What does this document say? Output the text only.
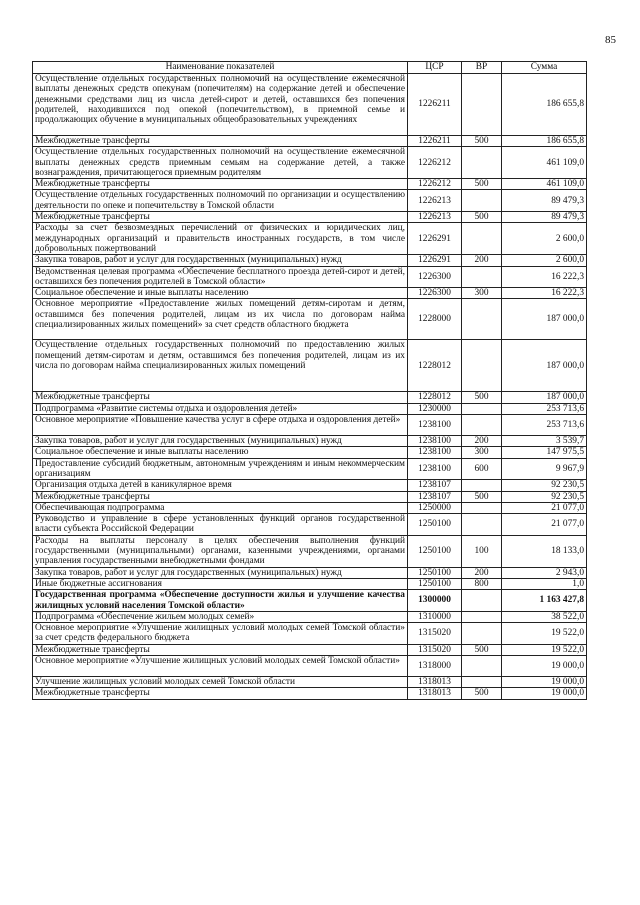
85
Наименование показателей	ЦСР	ВР	Сумма
Осуществление отдельных государственных полномочий на осуществление ежемесячной выплаты денежных средств опекунам (попечителям) на содержание детей и обеспечение денежными средствами лиц из числа детей-сирот и детей, оставшихся без попечения родителей, находившихся под опекой (попечительством), в приемной семье и продолжающих обучение в муниципальных общеобразовательных учреждениях	1226211		186 655,8
Межбюджетные трансферты	1226211	500	186 655,8
Осуществление отдельных государственных полномочий на осуществление ежемесячной выплаты денежных средств приемным семьям на содержание детей, а также вознаграждения, причитающегося приемным родителям	1226212		461 109,0
Межбюджетные трансферты	1226212	500	461 109,0
Осуществление отдельных государственных полномочий по организации и осуществлению деятельности по опеке и попечительству в Томской области	1226213		89 479,3
Межбюджетные трансферты	1226213	500	89 479,3
Расходы за счет безвозмездных перечислений от физических и юридических лиц, международных организаций и правительств иностранных государств, в том числе добровольных пожертвований	1226291		2 600,0
Закупка товаров, работ и услуг для государственных (муниципальных) нужд	1226291	200	2 600,0
Ведомственная целевая программа «Обеспечение бесплатного проезда детей-сирот и детей, оставшихся без попечения родителей в Томской области»	1226300		16 222,3
Социальное обеспечение и иные выплаты населению	1226300	300	16 222,3
Основное мероприятие «Предоставление жилых помещений детям-сиротам и детям, оставшимся без попечения родителей, лицам из их числа по договорам найма специализированных жилых помещений» за счет средств областного бюджета	1228000		187 000,0
Осуществление отдельных государственных полномочий по предоставлению жилых помещений детям-сиротам и детям, оставшимся без попечения родителей, лицам из их числа по договорам найма специализированных жилых помещений	1228012		187 000,0
Межбюджетные трансферты	1228012	500	187 000,0
Подпрограмма «Развитие системы отдыха и оздоровления детей»	1230000		253 713,6
Основное мероприятие «Повышение качества услуг в сфере отдыха и оздоровления детей»	1238100		253 713,6
Закупка товаров, работ и услуг для государственных (муниципальных) нужд	1238100	200	3 539,7
Социальное обеспечение и иные выплаты населению	1238100	300	147 975,5
Предоставление субсидий бюджетным, автономным учреждениям и иным некоммерческим организациям	1238100	600	9 967,9
Организация отдыха детей в каникулярное время	1238107		92 230,5
Межбюджетные трансферты	1238107	500	92 230,5
Обеспечивающая подпрограмма	1250000		21 077,0
Руководство и управление в сфере установленных функций органов государственной власти субъекта Российской Федерации	1250100		21 077,0
Расходы на выплаты персоналу в целях обеспечения выполнения функций государственными (муниципальными) органами, казенными учреждениями, органами управления государственными внебюджетными фондами	1250100	100	18 133,0
Закупка товаров, работ и услуг для государственных (муниципальных) нужд	1250100	200	2 943,0
Иные бюджетные ассигнования	1250100	800	1,0
Государственная программа «Обеспечение доступности жилья и улучшение качества жилищных условий населения Томской области»	1300000		1 163 427,8
Подпрограмма «Обеспечение жильем молодых семей»	1310000		38 522,0
Основное мероприятие «Улучшение жилищных условий молодых семей Томской области» за счет средств федерального бюджета	1315020		19 522,0
Межбюджетные трансферты	1315020	500	19 522,0
Основное мероприятие «Улучшение жилищных условий молодых семей Томской области»	1318000		19 000,0
Улучшение жилищных условий молодых семей Томской области	1318013		19 000,0
Межбюджетные трансферты	1318013	500	19 000,0
